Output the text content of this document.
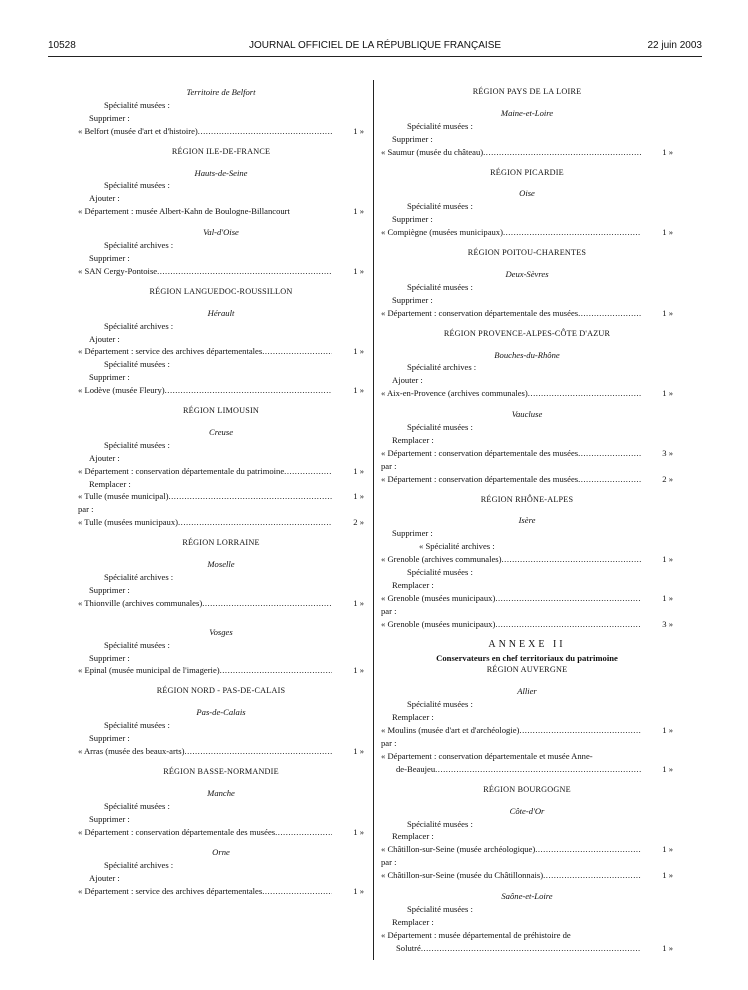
10528	JOURNAL OFFICIEL DE LA RÉPUBLIQUE FRANÇAISE	22 juin 2003
Territoire de Belfort
Spécialité musées :
Supprimer :
« Belfort (musée d'art et d'histoire) .....	1 »
RÉGION ILE-DE-FRANCE
Hauts-de-Seine
Spécialité musées :
Ajouter :
« Département : musée Albert-Kahn de Boulogne-Billancourt	1 »
Val-d'Oise
Spécialité archives :
Supprimer :
« SAN Cergy-Pontoise .....	1 »
RÉGION LANGUEDOC-ROUSSILLON
Hérault
Spécialité archives :
Ajouter :
« Département : service des archives départementales .....	1 »
Spécialité musées :
Supprimer :
« Lodève (musée Fleury) .....	1 »
RÉGION LIMOUSIN
Creuse
Spécialité musées :
Ajouter :
« Département : conservation départementale du patrimoine .....	1 »
Remplacer :
« Tulle (musée municipal) .....	1 »
par :
« Tulle (musées municipaux) .....	2 »
RÉGION LORRAINE
Moselle
Spécialité archives :
Supprimer :
« Thionville (archives communales) .....	1 »
Vosges
Spécialité musées :
Supprimer :
« Epinal (musée municipal de l'imagerie) .....	1 »
RÉGION NORD - PAS-DE-CALAIS
Pas-de-Calais
Spécialité musées :
Supprimer :
« Arras (musée des beaux-arts) .....	1 »
RÉGION BASSE-NORMANDIE
Manche
Spécialité musées :
Supprimer :
« Département : conservation départementale des musées .....	1 »
Orne
Spécialité archives :
Ajouter :
« Département : service des archives départementales .....	1 »
RÉGION PAYS DE LA LOIRE
Maine-et-Loire
Spécialité musées :
Supprimer :
« Saumur (musée du château) .....	1 »
RÉGION PICARDIE
Oise
Spécialité musées :
Supprimer :
« Compiègne (musées municipaux) .....	1 »
RÉGION POITOU-CHARENTES
Deux-Sèvres
Spécialité musées :
Supprimer :
« Département : conservation départementale des musées .....	1 »
RÉGION PROVENCE-ALPES-CÔTE D'AZUR
Bouches-du-Rhône
Spécialité archives :
Ajouter :
« Aix-en-Provence (archives communales) .....	1 »
Vaucluse
Spécialité musées :
Remplacer :
« Département : conservation départementale des musées .....	3 »
par :
« Département : conservation départementale des musées .....	2 »
RÉGION RHÔNE-ALPES
Isère
Supprimer :
« Spécialité archives :
« Grenoble (archives communales) .....	1 »
Spécialité musées :
Remplacer :
« Grenoble (musées municipaux) .....	1 »
par :
« Grenoble (musées municipaux) .....	3 »
ANNEXE II
Conservateurs en chef territoriaux du patrimoine
RÉGION AUVERGNE
Allier
Spécialité musées :
Remplacer :
« Moulins (musée d'art et d'archéologie) .....	1 »
par :
« Département : conservation départementale et musée Anne-
de-Beaujeu .....	1 »
RÉGION BOURGOGNE
Côte-d'Or
Spécialité musées :
Remplacer :
« Châtillon-sur-Seine (musée archéologique) .....	1 »
par :
« Châtillon-sur-Seine (musée du Châtillonnais) .....	1 »
Saône-et-Loire
Spécialité musées :
Remplacer :
« Département : musée départemental de préhistoire de
Solutré .....	1 »
